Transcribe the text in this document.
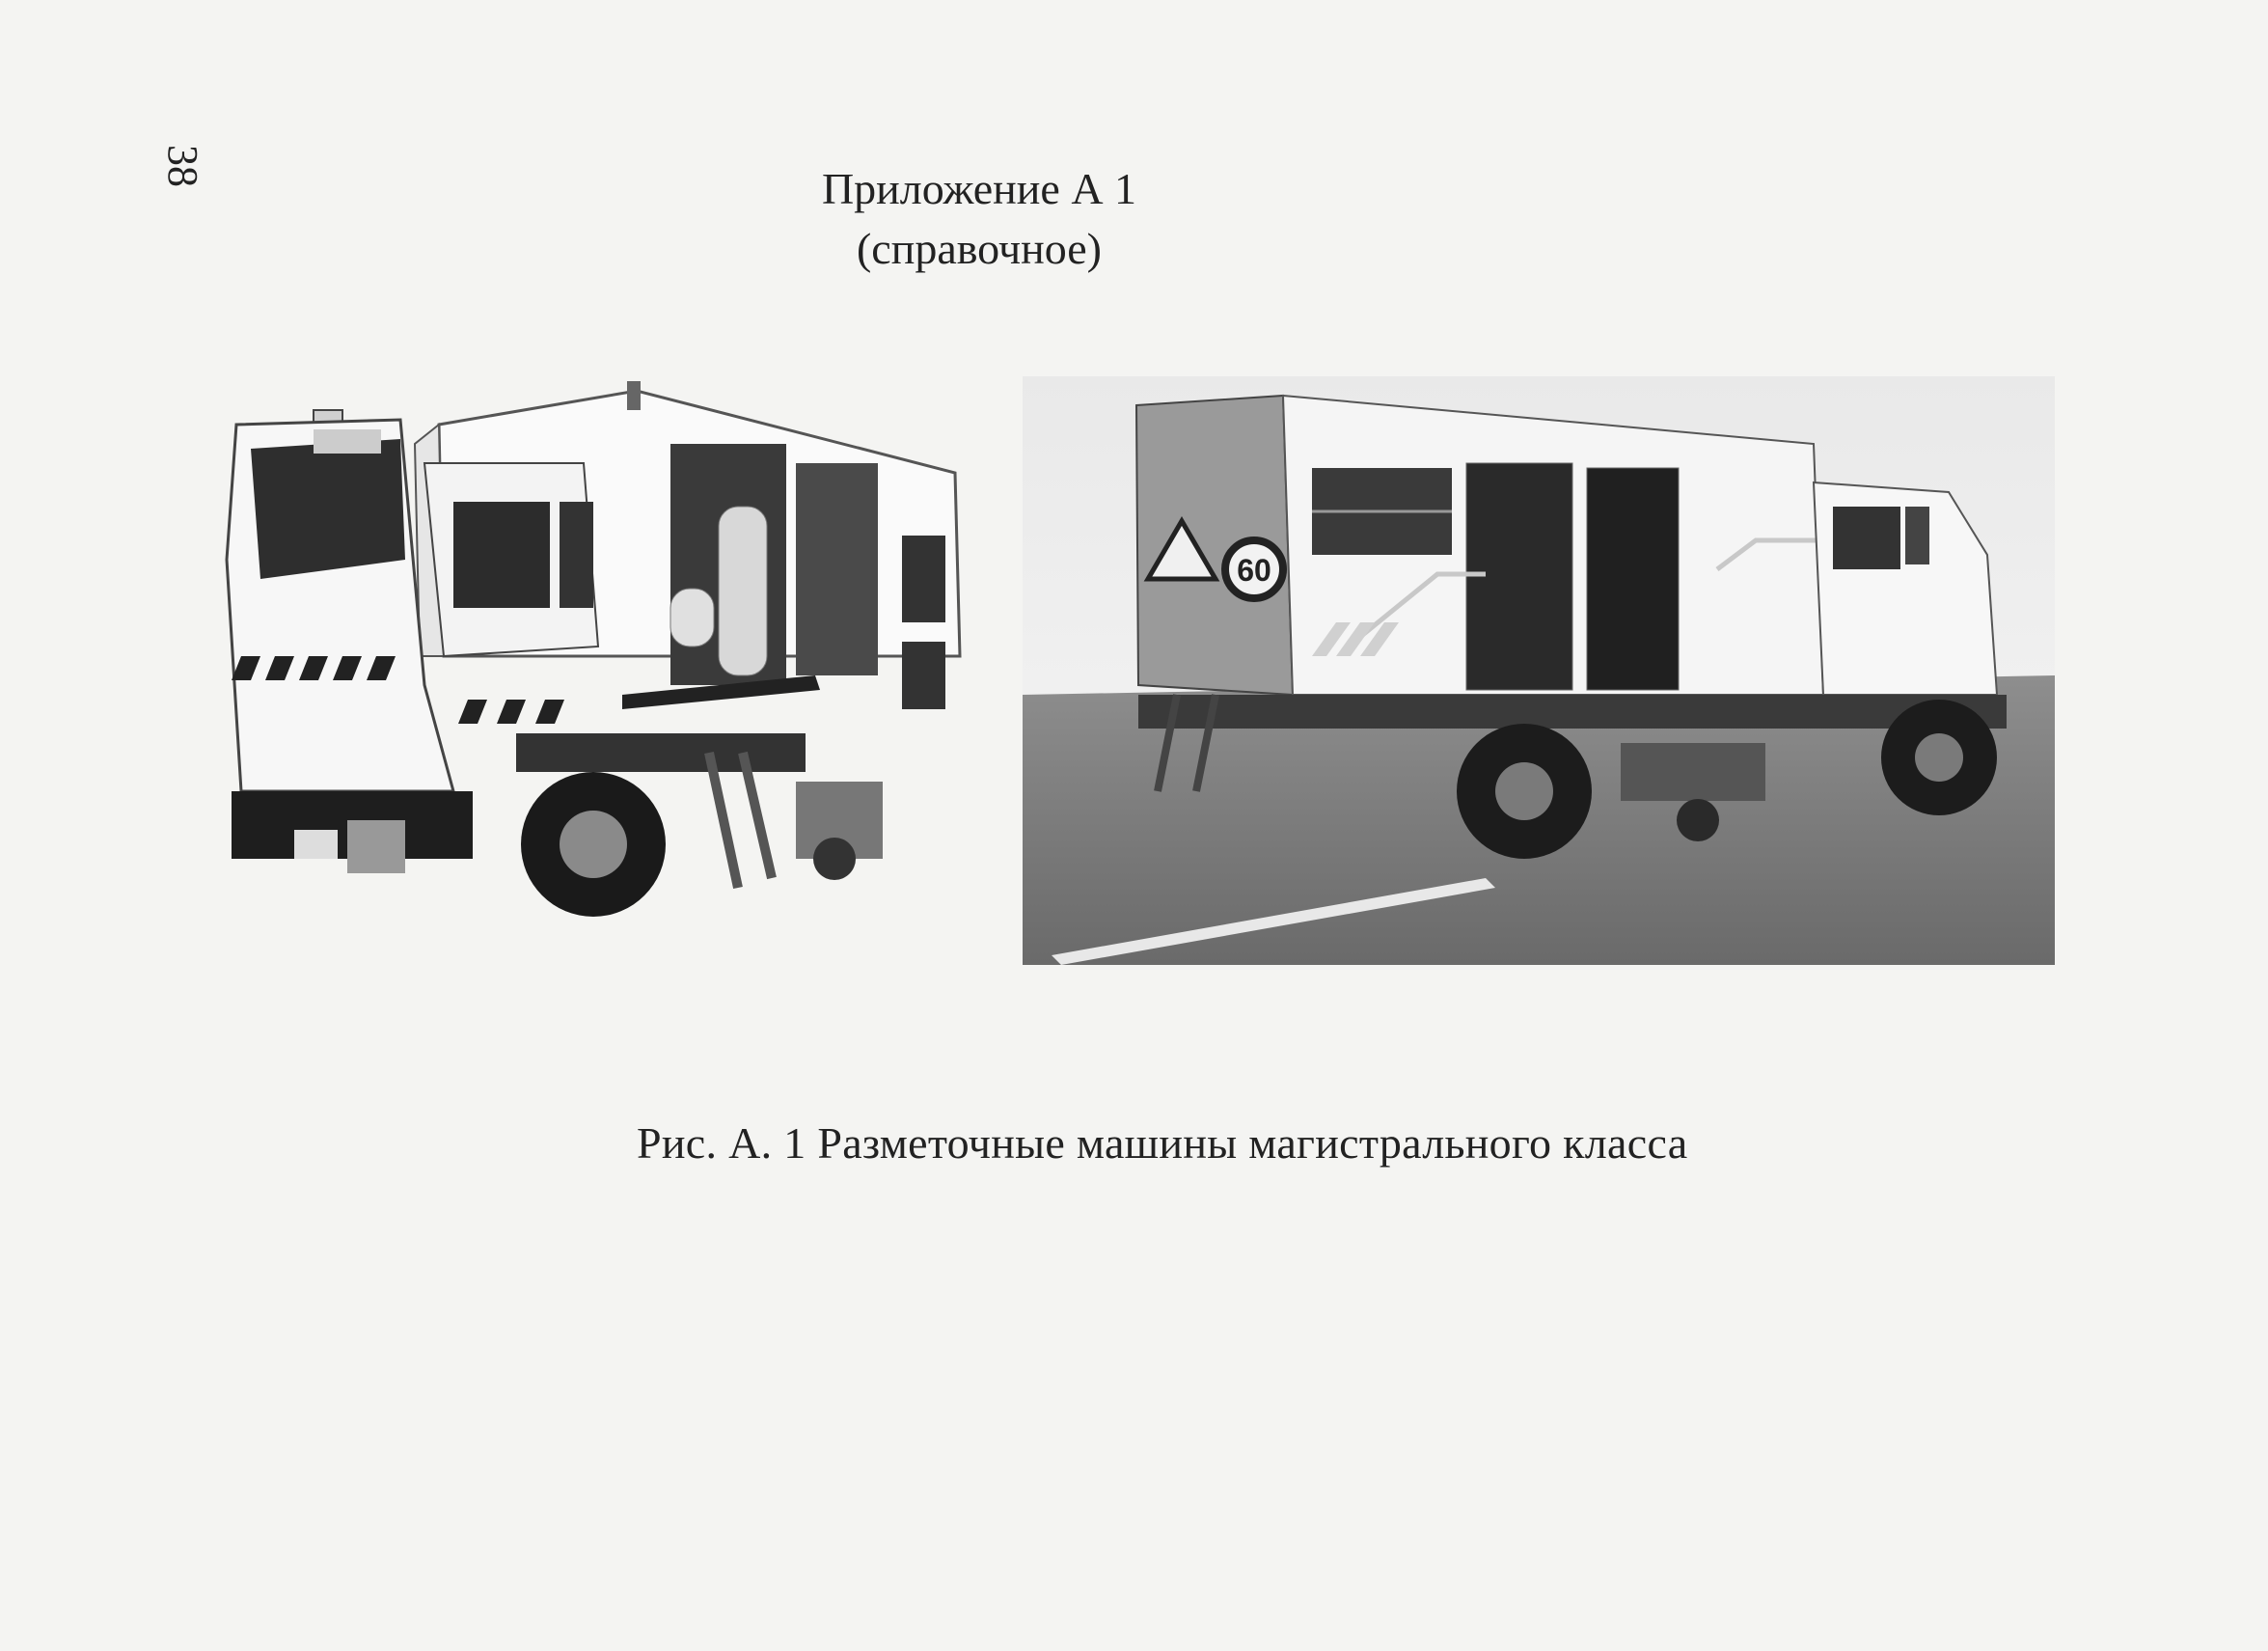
38	Приложение А 1
(справочное)
60
Рис. А. 1 Разметочные машины магистрального класса
